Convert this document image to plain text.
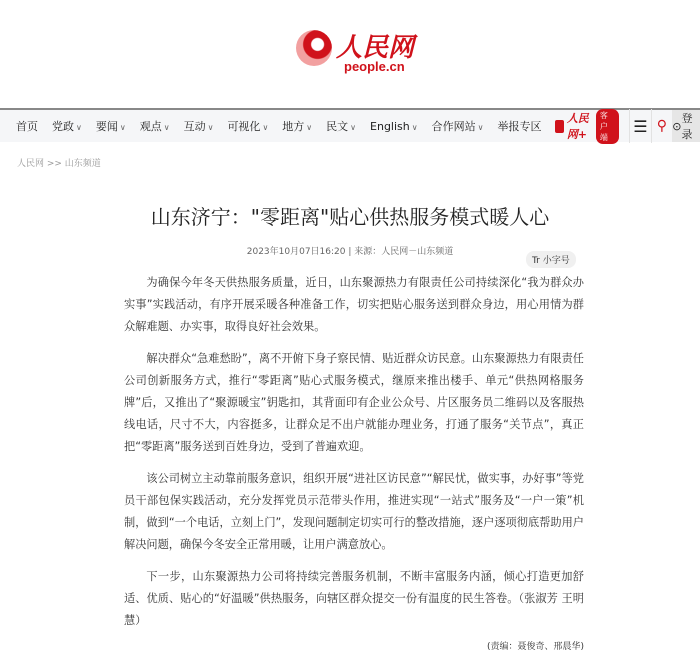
人民网
people.cn
首页 党政 ∨ 要闻 ∨ 观点 ∨ 互动 ∨ 可视化 ∨ 地方 ∨ 民文 ∨ English ∨ 合作网站 ∨ 举报专区
人民网+
客户端
☰ ⚲ ⊙
登录
人民网 >> 山东频道
山东济宁："零距离"贴心供热服务模式暖人心
2023年10月07日16:20 | 来源：人民网－山东频道
Tr 小字号

为确保今年冬天供热服务质量，近日，山东聚源热力有限责任公司持续深化“我为群众办实事”实践活动，有序开展采暖各种准备工作，切实把贴心服务送到群众身边，用心用情为群众解难题、办实事，取得良好社会效果。

解决群众“急难愁盼”，离不开俯下身子察民情、贴近群众访民意。山东聚源热力有限责任公司创新服务方式，推行“零距离”贴心式服务模式，继原来推出楼手、单元“供热网格服务牌”后，又推出了“聚源暖宝”钥匙扣，其背面印有企业公众号、片区服务员二维码以及客服热线电话，尺寸不大，内容挺多，让群众足不出户就能办理业务，打通了服务“关节点”，真正把“零距离”服务送到百姓身边，受到了普遍欢迎。

该公司树立主动靠前服务意识，组织开展“进社区访民意”“解民忧，做实事，办好事”等党员干部包保实践活动，充分发挥党员示范带头作用，推进实现“一站式”服务及“一户一策”机制，做到“一个电话，立刻上门”，发现问题制定切实可行的整改措施，逐户逐项彻底帮助用户解决问题，确保今冬安全正常用暖，让用户满意放心。

下一步，山东聚源热力公司将持续完善服务机制，不断丰富服务内涵，倾心打造更加舒适、优质、贴心的“好温暖”供热服务，向辖区群众提交一份有温度的民生答卷。（张淑芳 王明慧）

(责编：聂俊奇、邢晨华)
